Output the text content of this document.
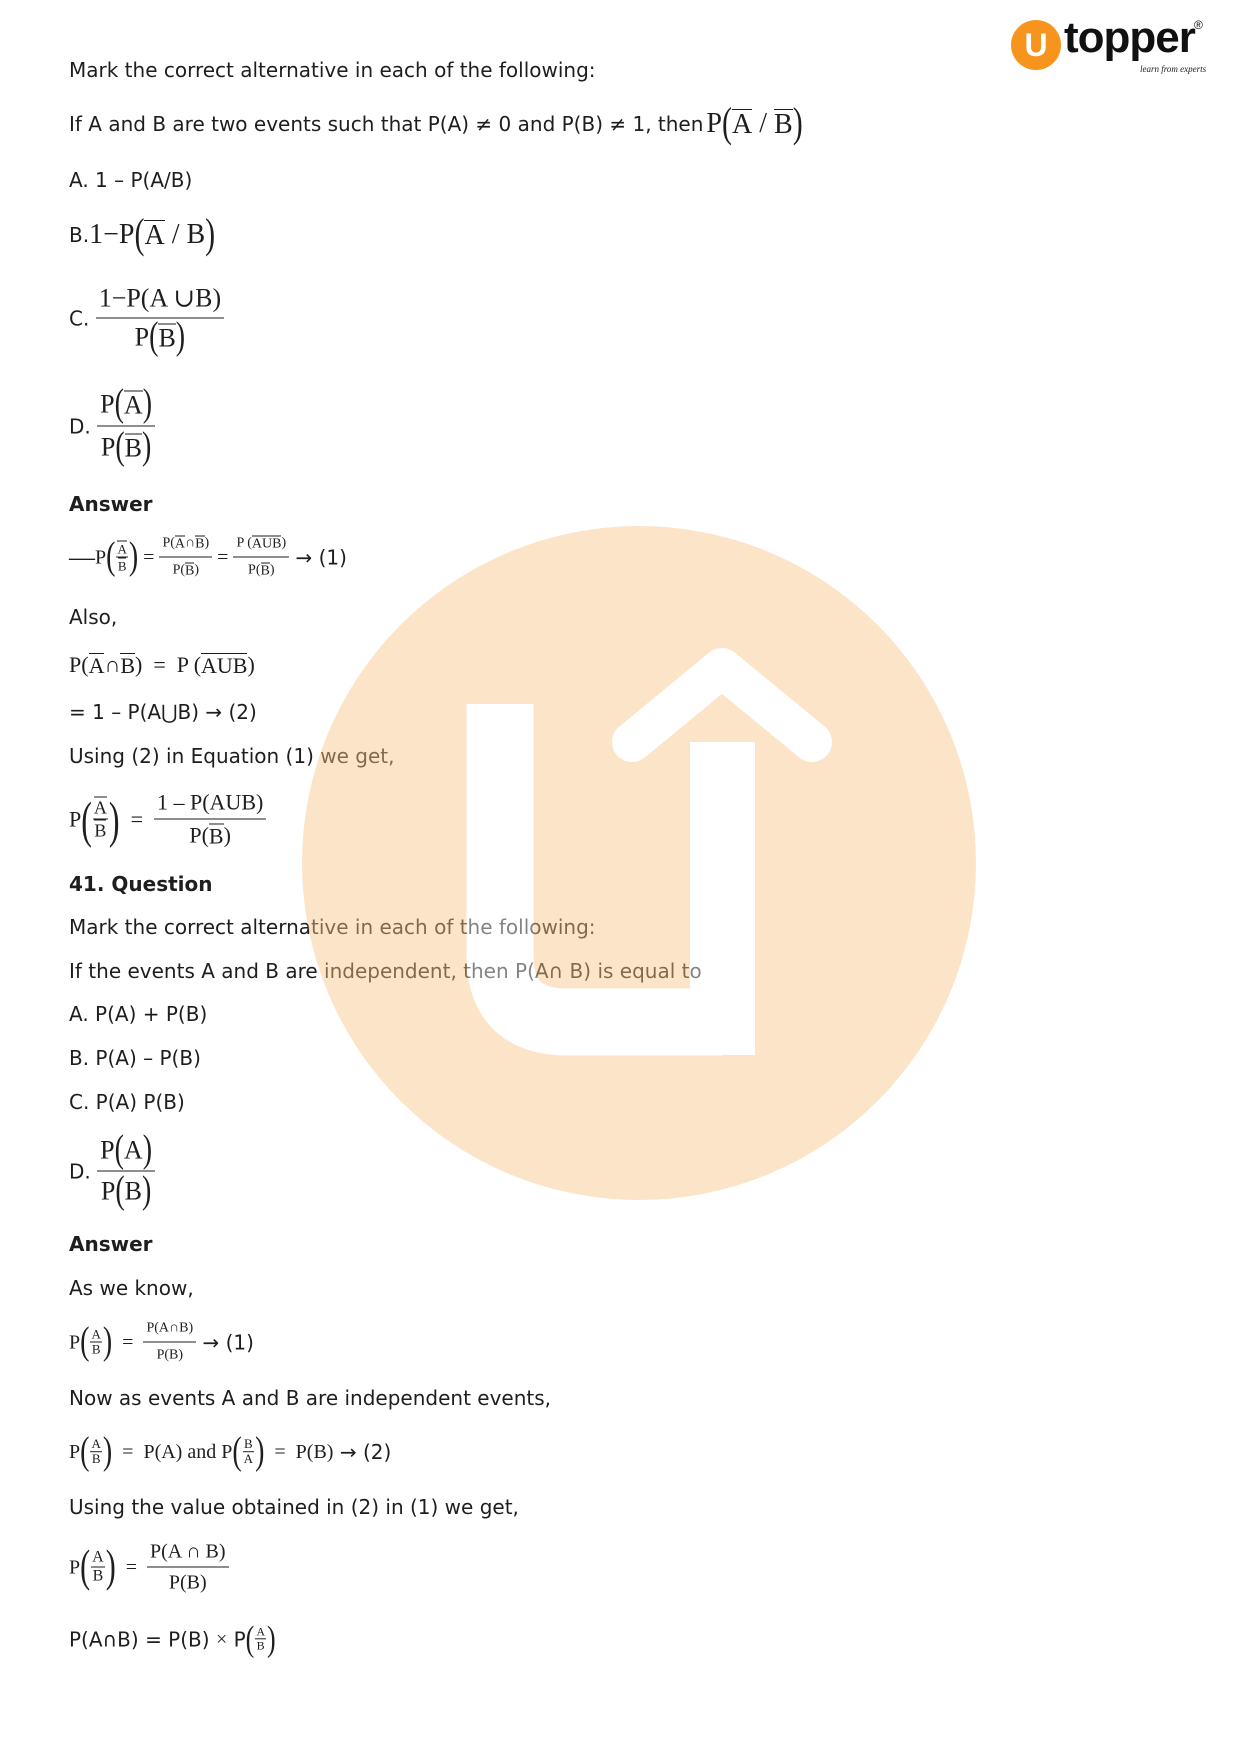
U topper ®
learn from experts
Mark the correct alternative in each of the following:
If A and B are two events such that P(A) ≠ 0 and P(B) ≠ 1, then P ( A / B )
A. 1 – P(A/B)
B. 1−P ( A / B )
C. $\frac{1-P(A \cup B)}{P ( B )}$
D. $\frac{P ( A )}{P ( B )}$
Answer
— P ( $\frac{A}{B}$ ) = $\frac{P( A \cap B )}{P( B )} = \frac{\text{P ( AUB )}}{P( B )} \to (1)$
Also,
P( A ∩ B ) = P ( AUB )
= 1 – P(A⋃B) → (2)
Using (2) in Equation (1) we get,
P ( $\frac{A}{B}$ ) = $\frac{\text{1 – P(AUB)}}{P( B )}$
41. Question
Mark the correct alternative in each of the following:
If the events A and B are independent, then P(A∩ B) is equal to
A. P(A) + P(B)
B. P(A) – P(B)
C. P(A) P(B)
D. $\frac{P ( A )}{P ( B )}$
Answer
As we know,
P ( $\frac{A}{B}$ ) = $\frac{P(A\cap B)}{P(B)} \to (1)$
Now as events A and B are independent events,
P ( $\frac{A}{B}$ ) = P(A) and P ( $\frac{B}{A}$ ) = P(B) → (2)
Using the value obtained in (2) in (1) we get,
P ( $\frac{A}{B}$ ) = $\frac{P(A \cap B)}{P(B)}$
P(A∩B) = P(B) × P ( $\frac{A}{B}$ )
